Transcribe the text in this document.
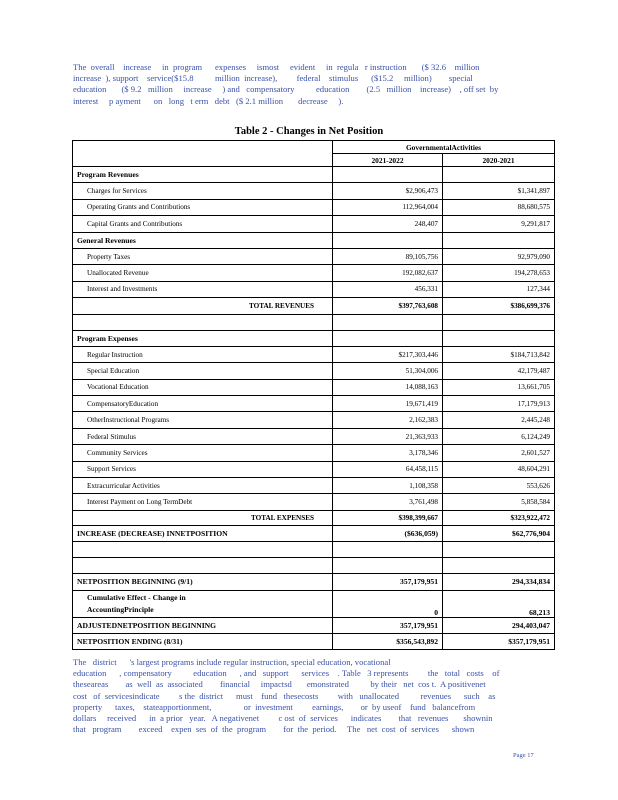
The  overall    increase     in  program      expenses     ismost     evident     in  regula   r instruction       ($ 32.6    million
increase  ), support    service($15.8          million  increase),         federal    stimulus      ($15.2     million)        special
education       ($ 9.2   million     increase     ) and   compensatory          education        (2.5   million    increase)    , off set  by
interest     p ayment      on   long   t erm   debt   ($ 2.1 million       decrease     ).
Table 2 - Changes in Net Position
	GovernmentalActivities	
	2021-2022	2020-2021
Program Revenues		
Charges for Services	$2,906,473	$1,341,897
Operating Grants and Contributions	112,964,004	88,680,575
Capital Grants and Contributions	248,407	9,291,817
General Revenues		
Property Taxes	89,105,756	92,979,090
Unallocated Revenue	192,082,637	194,278,653
Interest and Investments	456,331	127,344
TOTAL REVENUES	$397,763,608	$386,699,376

Program Expenses		
Regular Instruction	$217,303,446	$184,713,842
Special Education	51,304,006	42,179,487
Vocational Education	14,088,163	13,661,705
CompensatoryEducation	19,671,419	17,179,913
OtherInstructional Programs	2,162,383	2,445,248
Federal Stimulus	21,363,933	6,124,249
Community Services	3,178,346	2,601,527
Support Services	64,458,115	48,604,291
Extracurricular Activities	1,108,358	553,626
Interest Payment on Long TermDebt	3,761,498	5,858,584
TOTAL EXPENSES	$398,399,667	$323,922,472
INCREASE (DECREASE) INNETPOSITION	($636,059)	$62,776,904

NETPOSITION BEGINNING (9/1)	357,179,951	294,334,834

Cumulative Effect - Change in
AccountingPrinciple	0	68,213
ADJUSTEDNETPOSITION BEGINNING	357,179,951	294,403,047
NETPOSITION ENDING (8/31)	$356,543,892	$357,179,951
The   district      's largest programs include regular instruction, special education, vocational
education      , compensatory          education      , and   support      services    . Table   3 represents         the   total   costs    of
theseareas        as  well  as  associated        financial     impactsd       emonstrated          by their   net  cos t.  A positivenet
cost   of  servicesindicate         s the  district      must    fund   thesecosts         with   unallocated          revenues      such    as
property      taxes,    stateapportionment,               or  investment         earnings,        or  by useof    fund   balancefrom
dollars     received      in  a prior   year.   A negativenet         c ost  of  services      indicates        that   revenues       shownin
that   program        exceed    expen  ses  of  the  program        for  the  period.     The   net  cost  of  services      shown
Page 17
